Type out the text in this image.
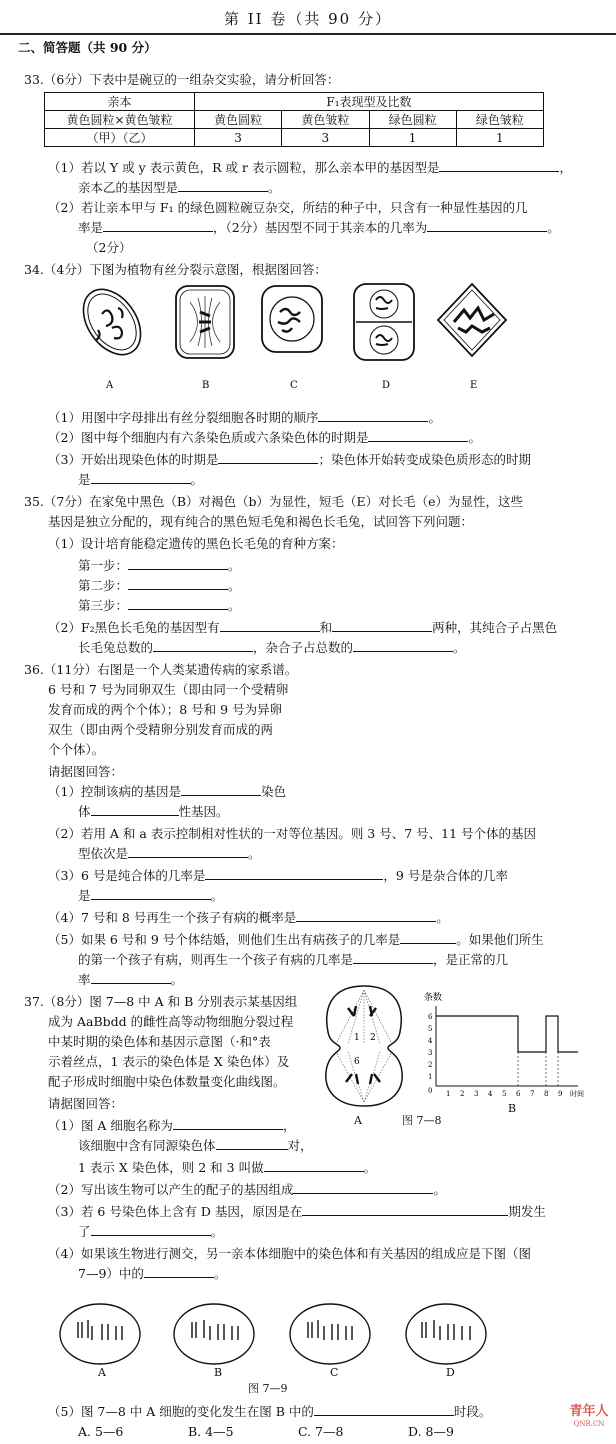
第 II 卷（共 90 分）
二、简答题（共 90 分）
33.（6分）下表中是碗豆的一组杂交实验，请分析回答：
亲本	F₁表现型及比数			
黄色圆粒×黄色皱粒	黄色圆粒	黄色皱粒	绿色圆粒	绿色皱粒
（甲）（乙）	3	3	1	1
（1）若以 Y 或 y 表示黄色，R 或 r 表示圆粒，那么亲本甲的基因型是	，
亲本乙的基因型是	。
（2）若让亲本甲与 F₁ 的绿色圆粒碗豆杂交，所结的种子中，只含有一种显性基因的几
率是	，（2分）基因型不同于其亲本的几率为	。
（2分）
34.（4分）下图为植物有丝分裂示意图，根据图回答：
A	B	C	D	E
（1）用图中字母排出有丝分裂细胞各时期的顺序	。
（2）图中每个细胞内有六条染色质或六条染色体的时期是	。
（3）开始出现染色体的时期是	；染色体开始转变成染色质形态的时期
是	。
35.（7分）在家兔中黑色（B）对褐色（b）为显性，短毛（E）对长毛（e）为显性，这些
基因是独立分配的，现有纯合的黑色短毛兔和褐色长毛兔，试回答下列问题：
（1）设计培育能稳定遗传的黑色长毛兔的育种方案：
第一步：	。
第二步：	。
第三步：	。
（2）F₂黑色长毛兔的基因型有	和	两种，其纯合子占黑色
长毛兔总数的	，杂合子占总数的	。
36.（11分）右图是一个人类某遗传病的家系谱。
6 号和 7 号为同卵双生（即由同一个受精卵
发育而成的两个个体）；8 号和 9 号为异卵
双生（即由两个受精卵分别发育而成的两
个个体）。
请据图回答：
（1）控制该病的基因是	染色
体	性基因。
（2）若用 A 和 a 表示控制相对性状的一对等位基因。则 3 号、7 号、11 号个体的基因
型依次是	。
（3）6 号是纯合体的几率是	，9 号是杂合体的几率
是	。
（4）7 号和 8 号再生一个孩子有病的概率是	。
（5）如果 6 号和 9 号个体结婚，则他们生出有病孩子的几率是	。如果他们所生
的第一个孩子有病，则再生一个孩子有病的几率是	，是正常的几
率	。
37.（8分）图 7—8 中 A 和 B 分别表示某基因组
成为 AaBbdd 的雌性高等动物细胞分裂过程
中某时期的染色体和基因示意图（·和°表
示着丝点，1 表示的染色体是 X 染色体）及
配子形成时细胞中染色体数量变化曲线图。
请据图回答：
1 2
6
A
条数
6
5
4
3
2
1
0 1 2 3 4 5 6 7 8 9 时间
图 7—8
B
（1）图 A 细胞名称为	，
该细胞中含有同源染色体	对，
1 表示 X 染色体，则 2 和 3 叫做	。
（2）写出该生物可以产生的配子的基因组成	。
（3）若 6 号染色体上含有 D 基因，原因是在	期发生
了	。
（4）如果该生物进行测交，另一亲本体细胞中的染色体和有关基因的组成应是下图（图
7—9）中的	。
A	B	C	D
图 7—9
（5）图 7—8 中 A 细胞的变化发生在图 B 中的	时段。
A. 5—6	B. 4—5	C. 7—8	D. 8—9
青年人
QNR.CN
